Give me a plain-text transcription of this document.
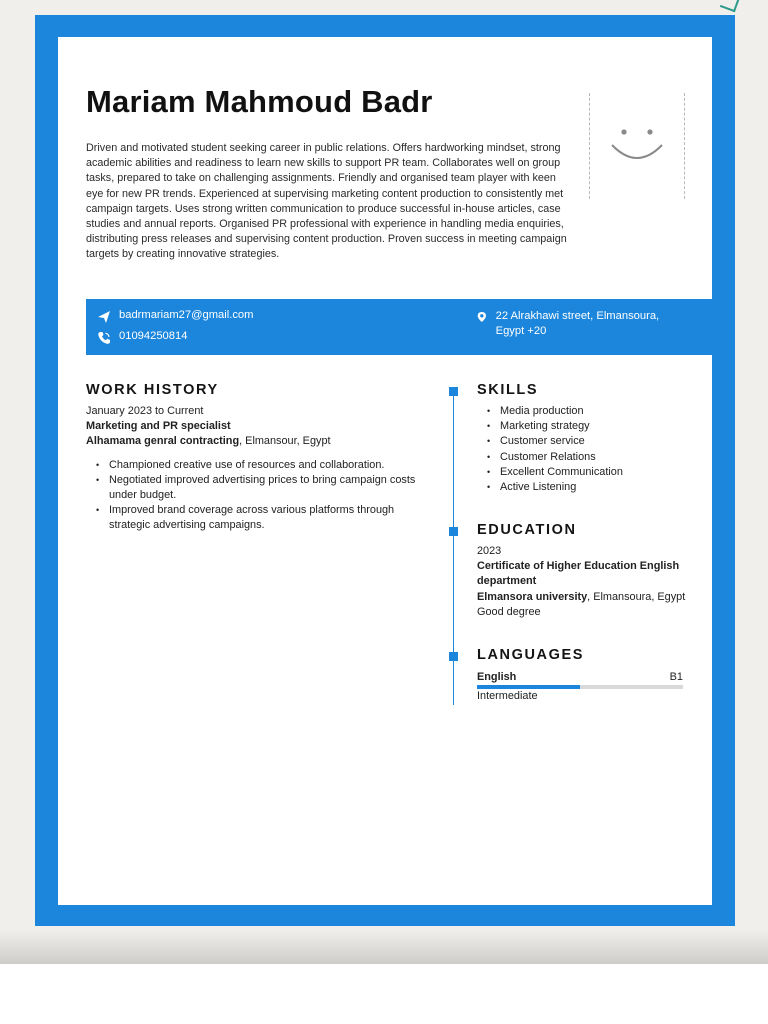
Mariam Mahmoud Badr

Driven and motivated student seeking career in public relations. Offers hardworking mindset, strong academic abilities and readiness to learn new skills to support PR team. Collaborates well on group tasks, prepared to take on challenging assignments. Friendly and organised team player with keen eye for new PR trends. Experienced at supervising marketing content production to consistently met campaign targets. Uses strong written communication to produce successful in-house articles, case studies and annual reports. Organised PR professional with experience in handling media enquiries, distributing press releases and supervising content production. Proven success in meeting campaign targets by creating innovative strategies.

badrmariam27@gmail.com
01094250814
22 Alrakhawi street, Elmansoura, Egypt +20
WORK HISTORY
January 2023 to Current
Marketing and PR specialist
Alhamama genral contracting, Elmansour, Egypt
• Championed creative use of resources and collaboration.
• Negotiated improved advertising prices to bring campaign costs under budget.
• Improved brand coverage across various platforms through strategic advertising campaigns.
SKILLS
• Media production
• Marketing strategy
• Customer service
• Customer Relations
• Excellent Communication
• Active Listening
EDUCATION
2023
Certificate of Higher Education English department
Elmansora university, Elmansoura, Egypt
Good degree
LANGUAGES
English	B1
Intermediate
